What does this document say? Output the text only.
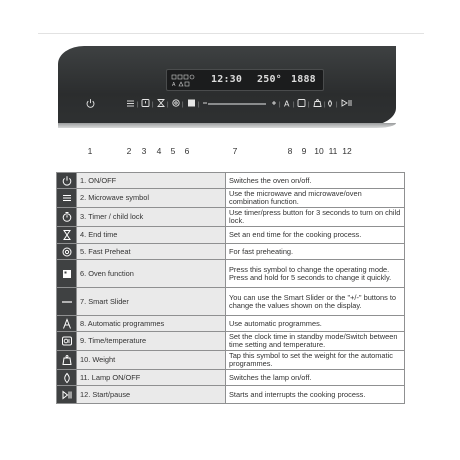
A	12:30 250° 1888
| | | | |	| A | | | |
1	2	3	4	5	6	7	8	9 10 11 12
	1. ON/OFF	Switches the oven on/off.

	2. Microwave symbol	Use the microwave and microwave/oven combination function.

	3. Timer / child lock	Use timer/press button for 3 seconds to turn on child lock.

	4. End time	Set an end time for the cooking process.

	5. Fast Preheat	For fast preheating.

	6. Oven function	Press this symbol to change the operating mode. Press and hold for 5 seconds to change it quickly.

	7. Smart Slider	You can use the Smart Slider or the "+/-" buttons to change the values shown on the display.

	8. Automatic programmes	Use automatic programmes.

	9. Time/temperature	Set the clock time in standby mode/Switch between time setting and temperature.

	10. Weight	Tap this symbol to set the weight for the automatic programmes.

	11. Lamp ON/OFF	Switches the lamp on/off.

	12. Start/pause	Starts and interrupts the cooking process.
